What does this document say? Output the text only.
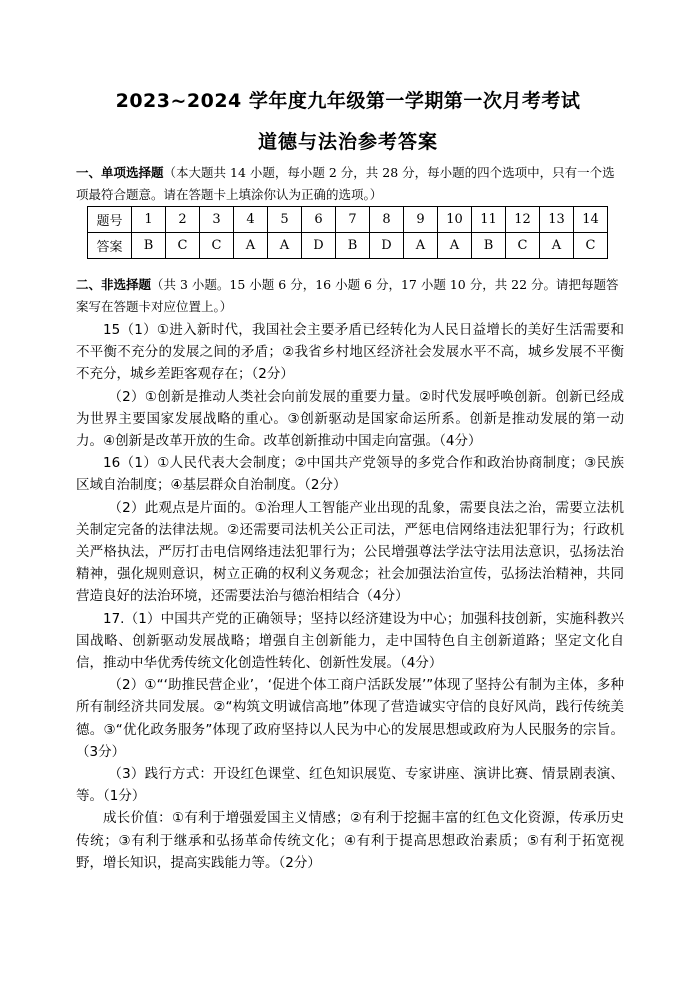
2023~2024 学年度九年级第一学期第一次月考考试
道德与法治参考答案
一、单项选择题（本大题共 14 小题，每小题 2 分，共 28 分，每小题的四个选项中，只有一个选项最符合题意。请在答题卡上填涂你认为正确的选项。）
题号	1	2	3	4	5	6	7	8	9	10	11	12	13	14
答案	B	C	C	A	A	D	B	D	A	A	B	C	A	C
二、非选择题（共 3 小题。15 小题 6 分，16 小题 6 分，17 小题 10 分，共 22 分。请把每题答案写在答题卡对应位置上。）

15（1）①进入新时代，我国社会主要矛盾已经转化为人民日益增长的美好生活需要和不平衡不充分的发展之间的矛盾；②我省乡村地区经济社会发展水平不高，城乡发展不平衡不充分，城乡差距客观存在；（2分）

（2）①创新是推动人类社会向前发展的重要力量。②时代发展呼唤创新。创新已经成为世界主要国家发展战略的重心。③创新驱动是国家命运所系。创新是推动发展的第一动力。④创新是改革开放的生命。改革创新推动中国走向富强。（4分）

16（1）①人民代表大会制度；②中国共产党领导的多党合作和政治协商制度；③民族区域自治制度；④基层群众自治制度。（2分）

（2）此观点是片面的。①治理人工智能产业出现的乱象，需要良法之治，需要立法机关制定完备的法律法规。②还需要司法机关公正司法，严惩电信网络违法犯罪行为；行政机关严格执法，严厉打击电信网络违法犯罪行为；公民增强尊法学法守法用法意识，弘扬法治精神，强化规则意识，树立正确的权利义务观念；社会加强法治宣传，弘扬法治精神，共同营造良好的法治环境，还需要法治与德治相结合（4分）

17.（1）中国共产党的正确领导；坚持以经济建设为中心；加强科技创新，实施科教兴国战略、创新驱动发展战略；增强自主创新能力，走中国特色自主创新道路；坚定文化自信，推动中华优秀传统文化创造性转化、创新性发展。（4分）

（2）①“‘助推民营企业’，‘促进个体工商户活跃发展’”体现了坚持公有制为主体，多种所有制经济共同发展。②“构筑文明诚信高地”体现了营造诚实守信的良好风尚，践行传统美德。③“优化政务服务”体现了政府坚持以人民为中心的发展思想或政府为人民服务的宗旨。（3分）

（3）践行方式：开设红色课堂、红色知识展览、专家讲座、演讲比赛、情景剧表演、等。（1分）

成长价值：①有利于增强爱国主义情感；②有利于挖掘丰富的红色文化资源，传承历史传统；③有利于继承和弘扬革命传统文化；④有利于提高思想政治素质；⑤有利于拓宽视野，增长知识，提高实践能力等。（2分）
